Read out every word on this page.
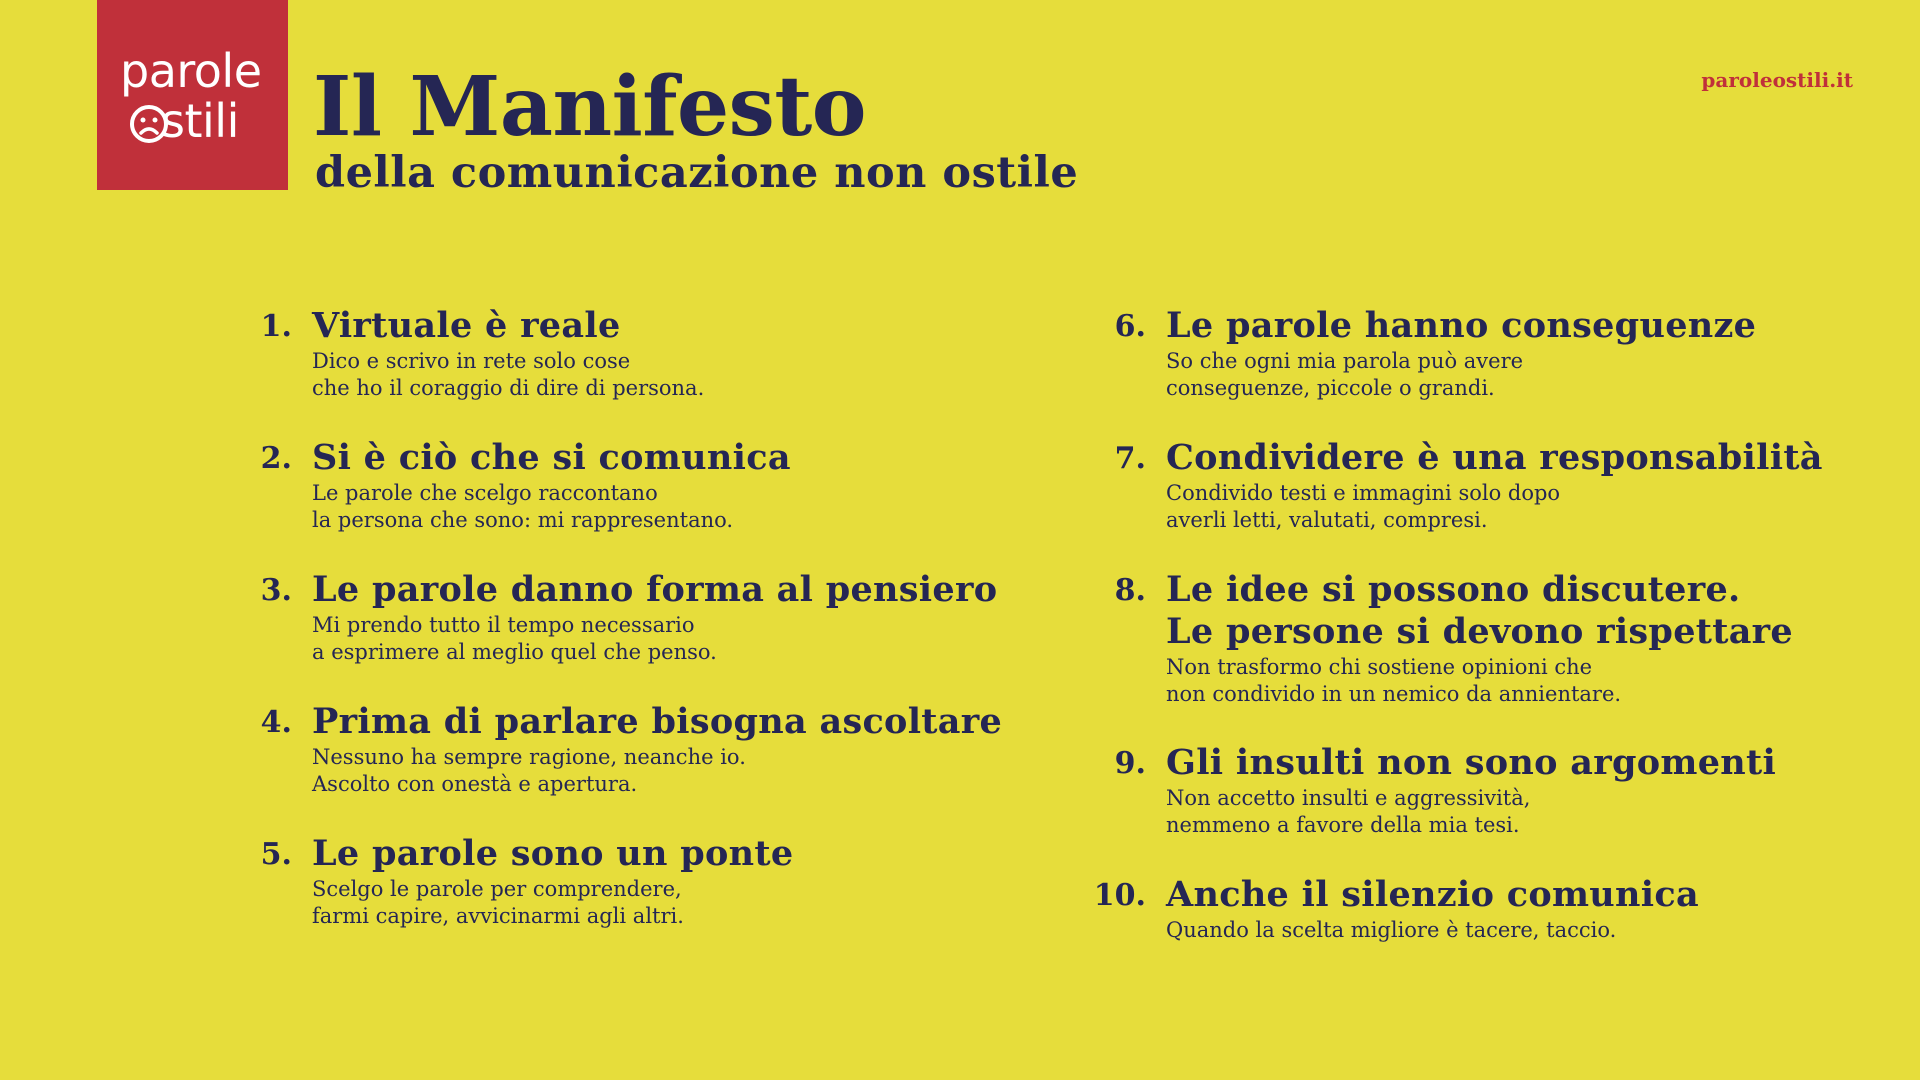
parole
stili Il Manifesto
della comunicazione non ostile
paroleostili.it
1. Virtuale è reale
Dico e scrivo in rete solo cose
che ho il coraggio di dire di persona.
2. Si è ciò che si comunica
Le parole che scelgo raccontano
la persona che sono: mi rappresentano.
3. Le parole danno forma al pensiero
Mi prendo tutto il tempo necessario
a esprimere al meglio quel che penso.
4. Prima di parlare bisogna ascoltare
Nessuno ha sempre ragione, neanche io.
Ascolto con onestà e apertura.
5. Le parole sono un ponte
Scelgo le parole per comprendere,
farmi capire, avvicinarmi agli altri.
6. Le parole hanno conseguenze
So che ogni mia parola può avere
conseguenze, piccole o grandi.
7. Condividere è una responsabilità
Condivido testi e immagini solo dopo
averli letti, valutati, compresi.
8. Le idee si possono discutere.
Le persone si devono rispettare
Non trasformo chi sostiene opinioni che
non condivido in un nemico da annientare.
9. Gli insulti non sono argomenti
Non accetto insulti e aggressività,
nemmeno a favore della mia tesi.
10. Anche il silenzio comunica
Quando la scelta migliore è tacere, taccio.
